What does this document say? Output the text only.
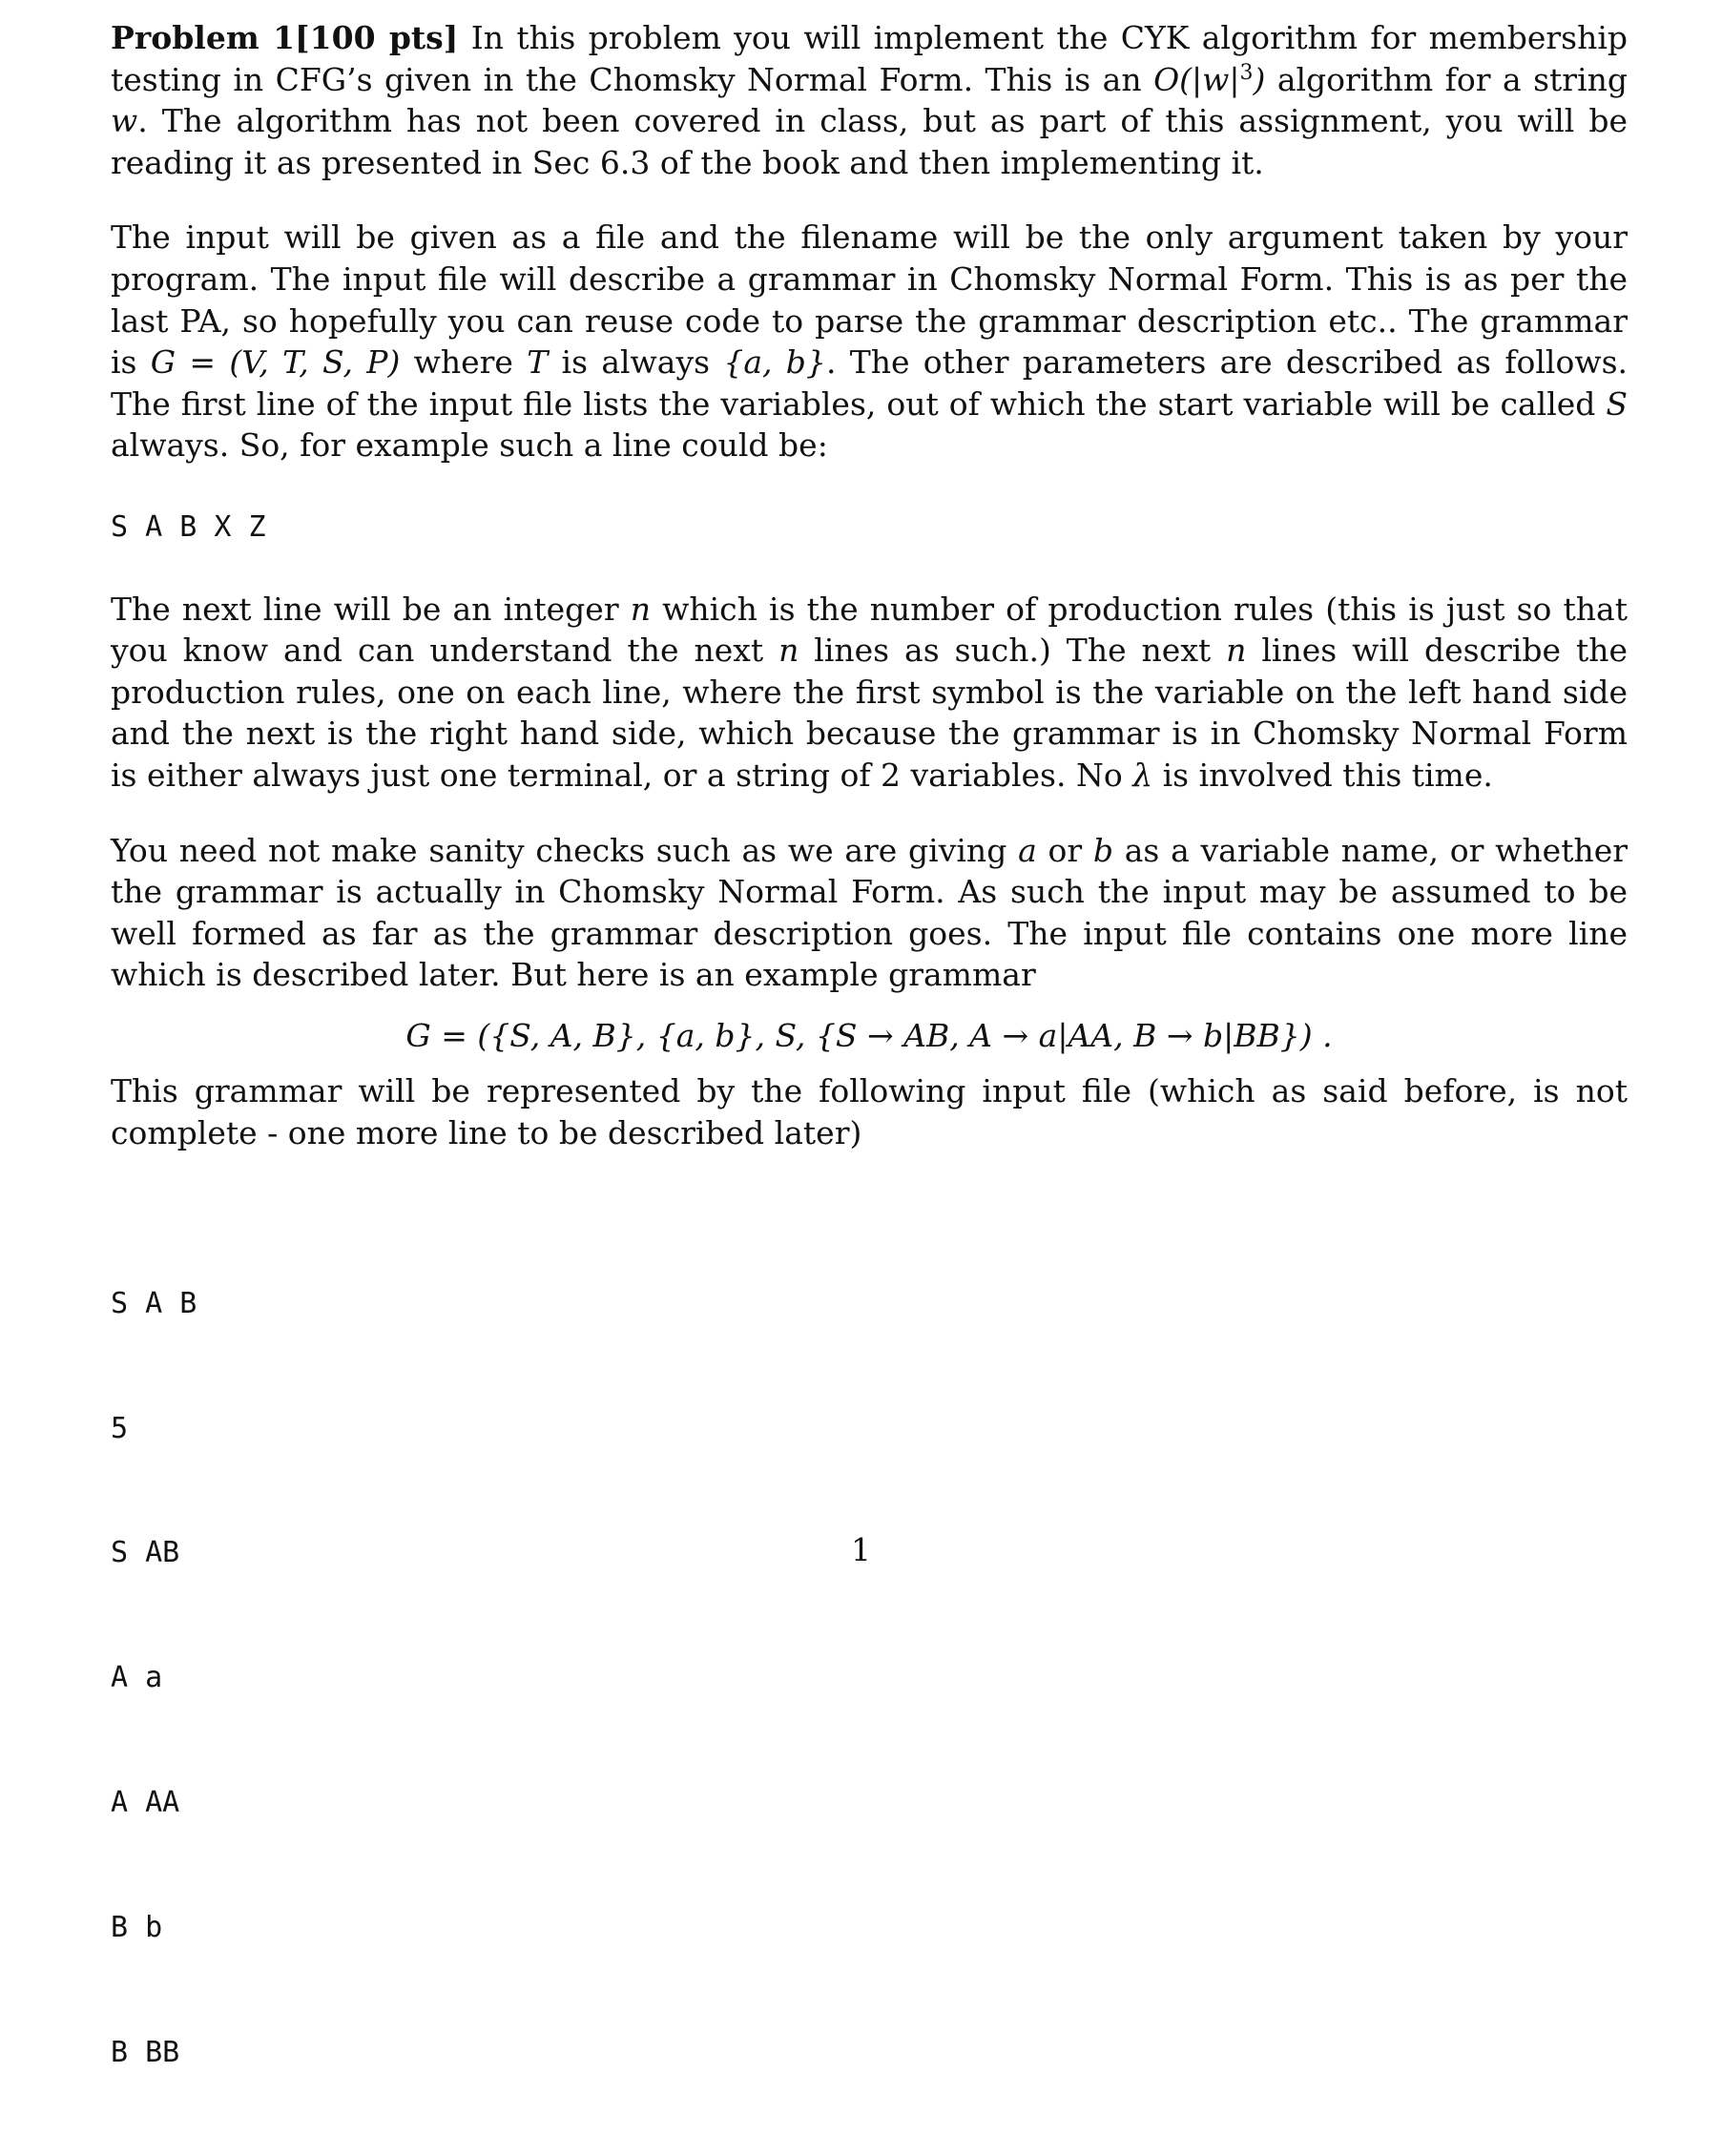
Problem 1[100 pts] In this problem you will implement the CYK algorithm for membership testing in CFG’s given in the Chomsky Normal Form. This is an $O(|w|^3)$ algorithm for a string w. The algorithm has not been covered in class, but as part of this assignment, you will be reading it as presented in Sec 6.3 of the book and then implementing it.

The input will be given as a file and the filename will be the only argument taken by your program. The input file will describe a grammar in Chomsky Normal Form. This is as per the last PA, so hopefully you can reuse code to parse the grammar description etc.. The grammar is G = (V, T, S, P) where T is always {a, b}. The other parameters are described as follows. The first line of the input file lists the variables, out of which the start variable will be called S always. So, for example such a line could be:

S A B X Z

The next line will be an integer n which is the number of production rules (this is just so that you know and can understand the next n lines as such.) The next n lines will describe the production rules, one on each line, where the first symbol is the variable on the left hand side and the next is the right hand side, which because the grammar is in Chomsky Normal Form is either always just one terminal, or a string of 2 variables. No λ is involved this time.

You need not make sanity checks such as we are giving a or b as a variable name, or whether the grammar is actually in Chomsky Normal Form. As such the input may be assumed to be well formed as far as the grammar description goes. The input file contains one more line which is described later. But here is an example grammar

G = ({S, A, B}, {a, b}, S, {S → AB, A → a|AA, B → b|BB}) .

This grammar will be represented by the following input file (which as said before, is not complete - one more line to be described later)

S A B

5

S AB

A a

A AA

B b

B BB

1
